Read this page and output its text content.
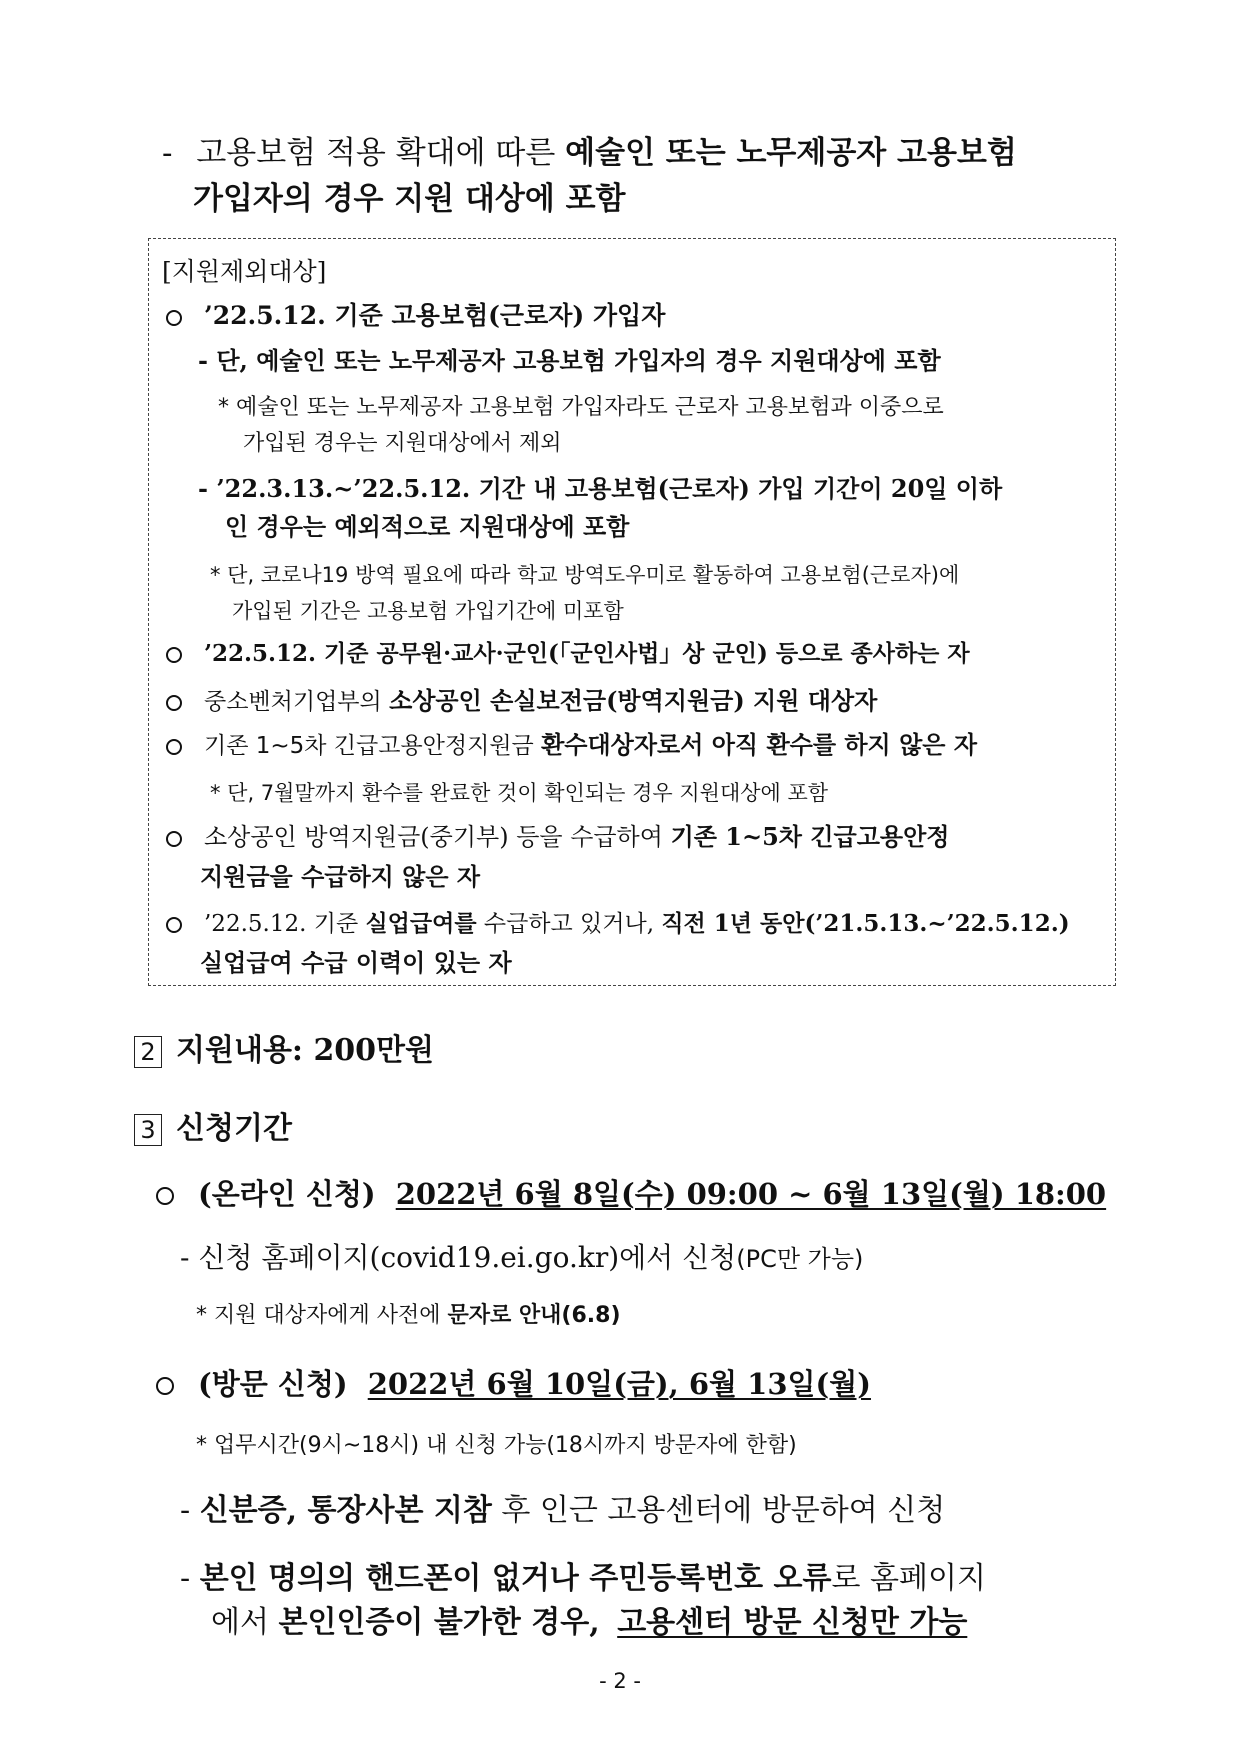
- 고용보험 적용 확대에 따른 예술인 또는 노무제공자 고용보험
가입자의 경우 지원 대상에 포함
[지원제외대상]
’22.5.12. 기준 고용보험(근로자) 가입자
- 단, 예술인 또는 노무제공자 고용보험 가입자의 경우 지원대상에 포함
* 예술인 또는 노무제공자 고용보험 가입자라도 근로자 고용보험과 이중으로
가입된 경우는 지원대상에서 제외
- ’22.3.13.~’22.5.12. 기간 내 고용보험(근로자) 가입 기간이 20일 이하
인 경우는 예외적으로 지원대상에 포함
* 단, 코로나19 방역 필요에 따라 학교 방역도우미로 활동하여 고용보험(근로자)에
가입된 기간은 고용보험 가입기간에 미포함
’22.5.12. 기준 공무원·교사·군인(「군인사법」상 군인) 등으로 종사하는 자
중소벤처기업부의 소상공인 손실보전금(방역지원금) 지원 대상자
기존 1~5차 긴급고용안정지원금 환수대상자로서 아직 환수를 하지 않은 자
* 단, 7월말까지 환수를 완료한 것이 확인되는 경우 지원대상에 포함
소상공인 방역지원금(중기부) 등을 수급하여 기존 1~5차 긴급고용안정
지원금을 수급하지 않은 자
’22.5.12. 기준 실업급여를 수급하고 있거나, 직전 1년 동안(’21.5.13.~’22.5.12.)
실업급여 수급 이력이 있는 자
2 지원내용: 200만원
3 신청기간
(온라인 신청) 2022년 6월 8일(수) 09:00 ~ 6월 13일(월) 18:00
- 신청 홈페이지(covid19.ei.go.kr)에서 신청(PC만 가능)
* 지원 대상자에게 사전에 문자로 안내(6.8)
(방문 신청) 2022년 6월 10일(금), 6월 13일(월)
* 업무시간(9시~18시) 내 신청 가능(18시까지 방문자에 한함)
- 신분증, 통장사본 지참 후 인근 고용센터에 방문하여 신청
- 본인 명의의 핸드폰이 없거나 주민등록번호 오류로 홈페이지
에서 본인인증이 불가한 경우, 고용센터 방문 신청만 가능
- 2 -
